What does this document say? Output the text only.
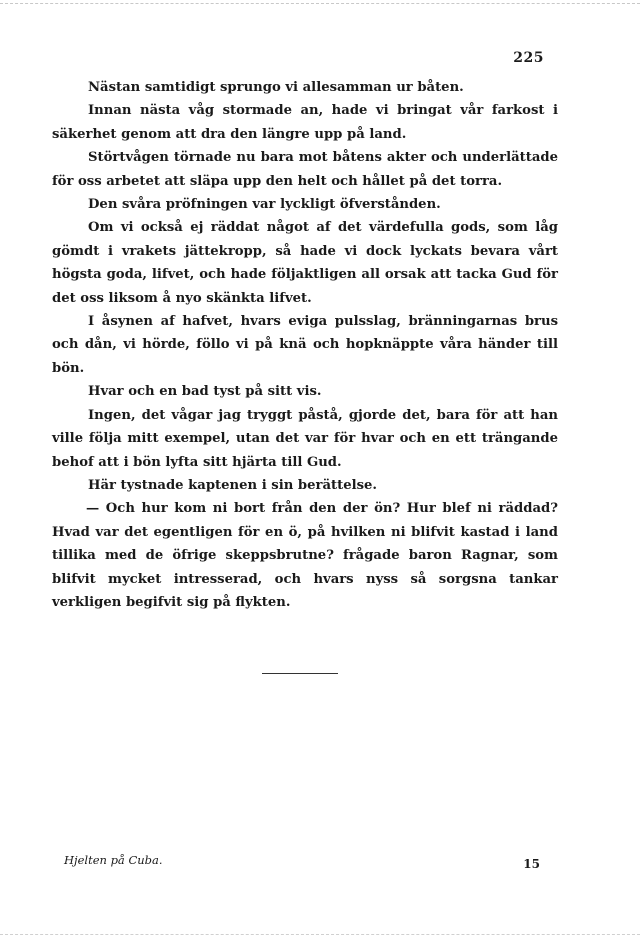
225

Nästan samtidigt sprungo vi allesamman ur båten.

Innan nästa våg stormade an, hade vi bringat vår farkost i säkerhet genom att dra den längre upp på land.

Störtvågen törnade nu bara mot båtens akter och underlättade för oss arbetet att släpa upp den helt och hållet på det torra.

Den svåra pröfningen var lyckligt öfverstånden.

Om vi också ej räddat något af det värdefulla gods, som låg gömdt i vrakets jättekropp, så hade vi dock lyckats bevara vårt högsta goda, lifvet, och hade följaktligen all orsak att tacka Gud för det oss liksom å nyo skänkta lifvet.

I åsynen af hafvet, hvars eviga pulsslag, bränningarnas brus och dån, vi hörde, föllo vi på knä och hopknäppte våra händer till bön.

Hvar och en bad tyst på sitt vis.

Ingen, det vågar jag tryggt påstå, gjorde det, bara för att han ville följa mitt exempel, utan det var för hvar och en ett trängande behof att i bön lyfta sitt hjärta till Gud.

Här tystnade kaptenen i sin berättelse.

— Och hur kom ni bort från den der ön? Hur blef ni räddad? Hvad var det egentligen för en ö, på hvilken ni blifvit kastad i land tillika med de öfrige skeppsbrutne? frågade baron Ragnar, som blifvit mycket intresserad, och hvars nyss så sorgsna tankar verkligen begifvit sig på flykten.

Hjelten på Cuba.	15
